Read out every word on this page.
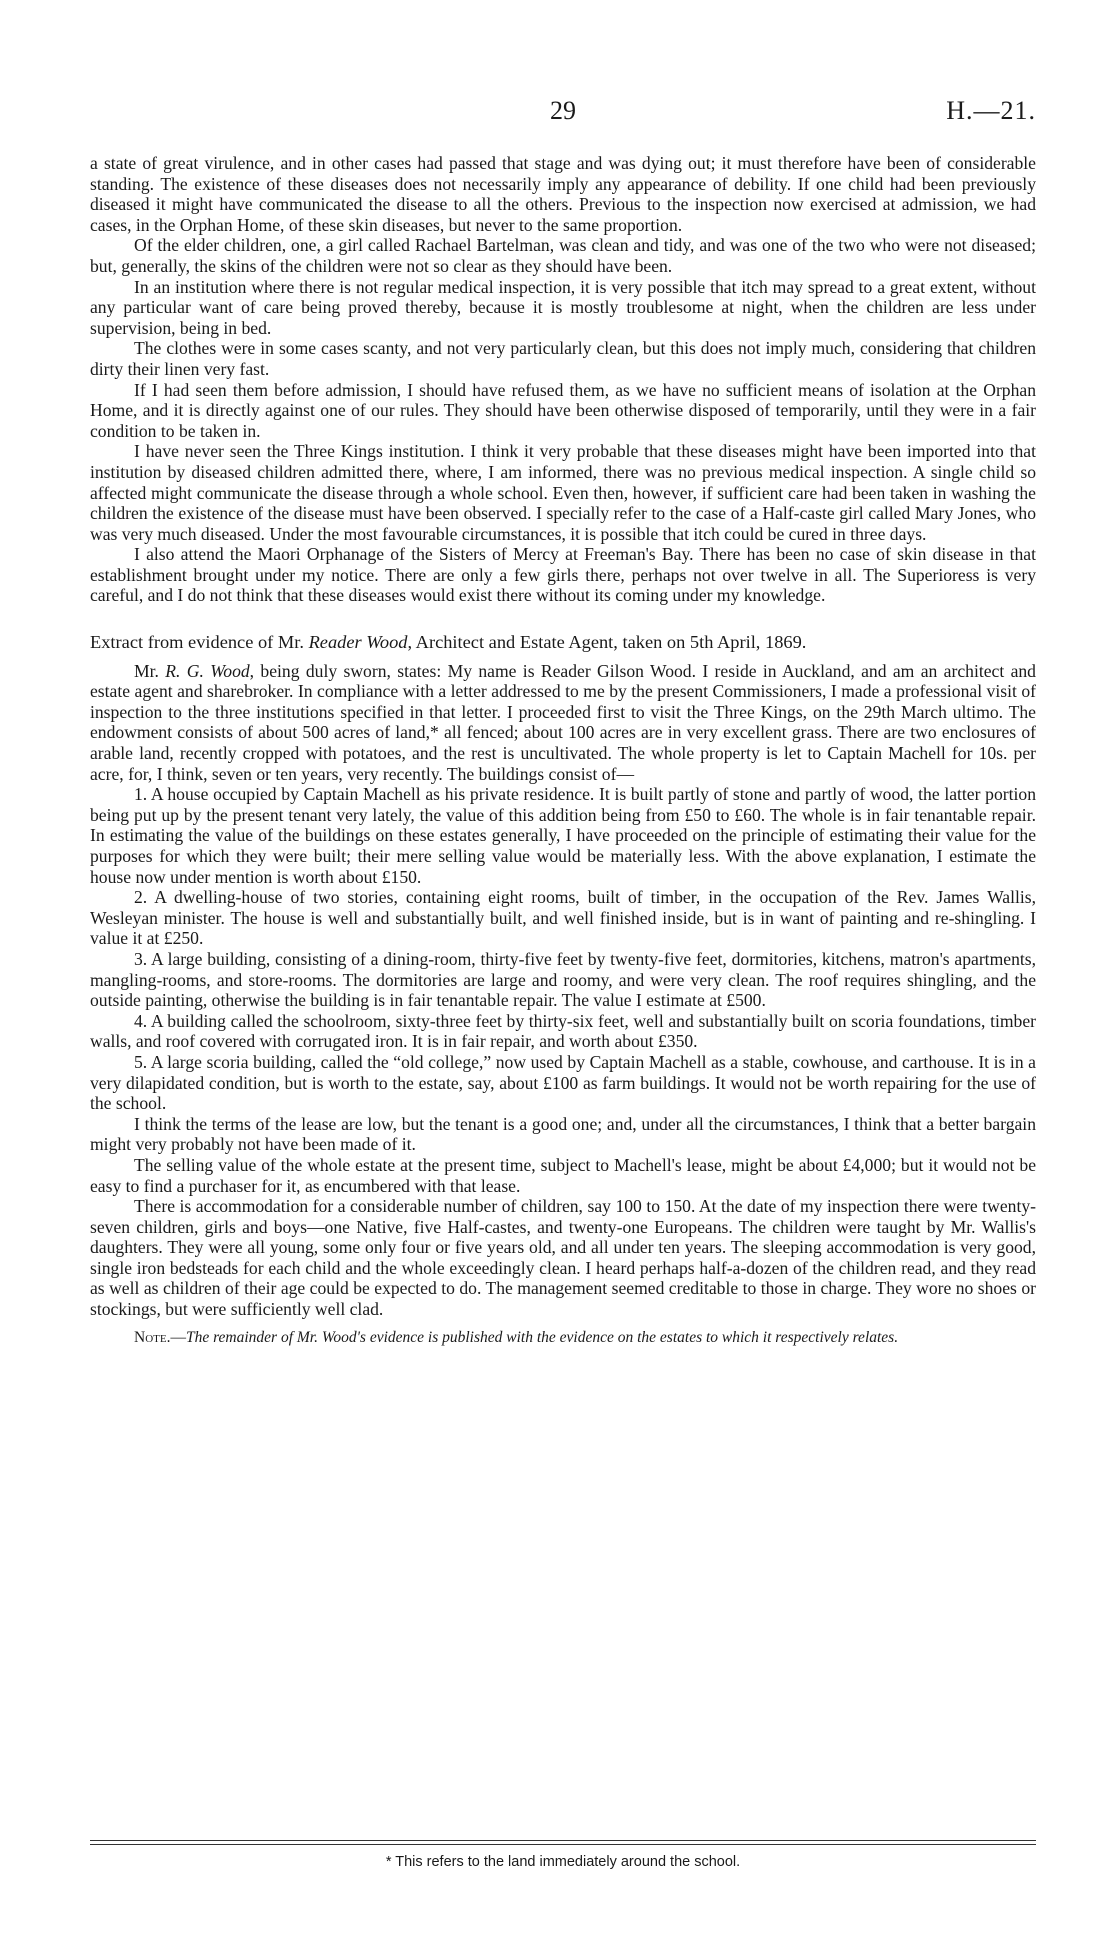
29	H.—21.

a state of great virulence, and in other cases had passed that stage and was dying out; it must therefore have been of considerable standing. The existence of these diseases does not necessarily imply any appearance of debility. If one child had been previously diseased it might have communicated the disease to all the others. Previous to the inspection now exercised at admission, we had cases, in the Orphan Home, of these skin diseases, but never to the same proportion.

Of the elder children, one, a girl called Rachael Bartelman, was clean and tidy, and was one of the two who were not diseased; but, generally, the skins of the children were not so clear as they should have been.

In an institution where there is not regular medical inspection, it is very possible that itch may spread to a great extent, without any particular want of care being proved thereby, because it is mostly troublesome at night, when the children are less under supervision, being in bed.

The clothes were in some cases scanty, and not very particularly clean, but this does not imply much, considering that children dirty their linen very fast.

If I had seen them before admission, I should have refused them, as we have no sufficient means of isolation at the Orphan Home, and it is directly against one of our rules. They should have been otherwise disposed of temporarily, until they were in a fair condition to be taken in.

I have never seen the Three Kings institution. I think it very probable that these diseases might have been imported into that institution by diseased children admitted there, where, I am informed, there was no previous medical inspection. A single child so affected might communicate the disease through a whole school. Even then, however, if sufficient care had been taken in washing the children the existence of the disease must have been observed. I specially refer to the case of a Half-caste girl called Mary Jones, who was very much diseased. Under the most favourable circumstances, it is possible that itch could be cured in three days.

I also attend the Maori Orphanage of the Sisters of Mercy at Freeman's Bay. There has been no case of skin disease in that establishment brought under my notice. There are only a few girls there, perhaps not over twelve in all. The Superioress is very careful, and I do not think that these diseases would exist there without its coming under my knowledge.

Extract from evidence of Mr. Reader Wood, Architect and Estate Agent, taken on 5th April, 1869.

Mr. R. G. Wood, being duly sworn, states: My name is Reader Gilson Wood. I reside in Auckland, and am an architect and estate agent and sharebroker. In compliance with a letter addressed to me by the present Commissioners, I made a professional visit of inspection to the three institutions specified in that letter. I proceeded first to visit the Three Kings, on the 29th March ultimo. The endowment consists of about 500 acres of land,* all fenced; about 100 acres are in very excellent grass. There are two enclosures of arable land, recently cropped with potatoes, and the rest is uncultivated. The whole property is let to Captain Machell for 10s. per acre, for, I think, seven or ten years, very recently. The buildings consist of—

1. A house occupied by Captain Machell as his private residence. It is built partly of stone and partly of wood, the latter portion being put up by the present tenant very lately, the value of this addition being from £50 to £60. The whole is in fair tenantable repair. In estimating the value of the buildings on these estates generally, I have proceeded on the principle of estimating their value for the purposes for which they were built; their mere selling value would be materially less. With the above explanation, I estimate the house now under mention is worth about £150.

2. A dwelling-house of two stories, containing eight rooms, built of timber, in the occupation of the Rev. James Wallis, Wesleyan minister. The house is well and substantially built, and well finished inside, but is in want of painting and re-shingling. I value it at £250.

3. A large building, consisting of a dining-room, thirty-five feet by twenty-five feet, dormitories, kitchens, matron's apartments, mangling-rooms, and store-rooms. The dormitories are large and roomy, and were very clean. The roof requires shingling, and the outside painting, otherwise the building is in fair tenantable repair. The value I estimate at £500.

4. A building called the schoolroom, sixty-three feet by thirty-six feet, well and substantially built on scoria foundations, timber walls, and roof covered with corrugated iron. It is in fair repair, and worth about £350.

5. A large scoria building, called the “old college,” now used by Captain Machell as a stable, cowhouse, and carthouse. It is in a very dilapidated condition, but is worth to the estate, say, about £100 as farm buildings. It would not be worth repairing for the use of the school.

I think the terms of the lease are low, but the tenant is a good one; and, under all the circumstances, I think that a better bargain might very probably not have been made of it.

The selling value of the whole estate at the present time, subject to Machell's lease, might be about £4,000; but it would not be easy to find a purchaser for it, as encumbered with that lease.

There is accommodation for a considerable number of children, say 100 to 150. At the date of my inspection there were twenty-seven children, girls and boys—one Native, five Half-castes, and twenty-one Europeans. The children were taught by Mr. Wallis's daughters. They were all young, some only four or five years old, and all under ten years. The sleeping accommodation is very good, single iron bedsteads for each child and the whole exceedingly clean. I heard perhaps half-a-dozen of the children read, and they read as well as children of their age could be expected to do. The management seemed creditable to those in charge. They wore no shoes or stockings, but were sufficiently well clad.

Note.—The remainder of Mr. Wood's evidence is published with the evidence on the estates to which it respectively relates.

* This refers to the land immediately around the school.
